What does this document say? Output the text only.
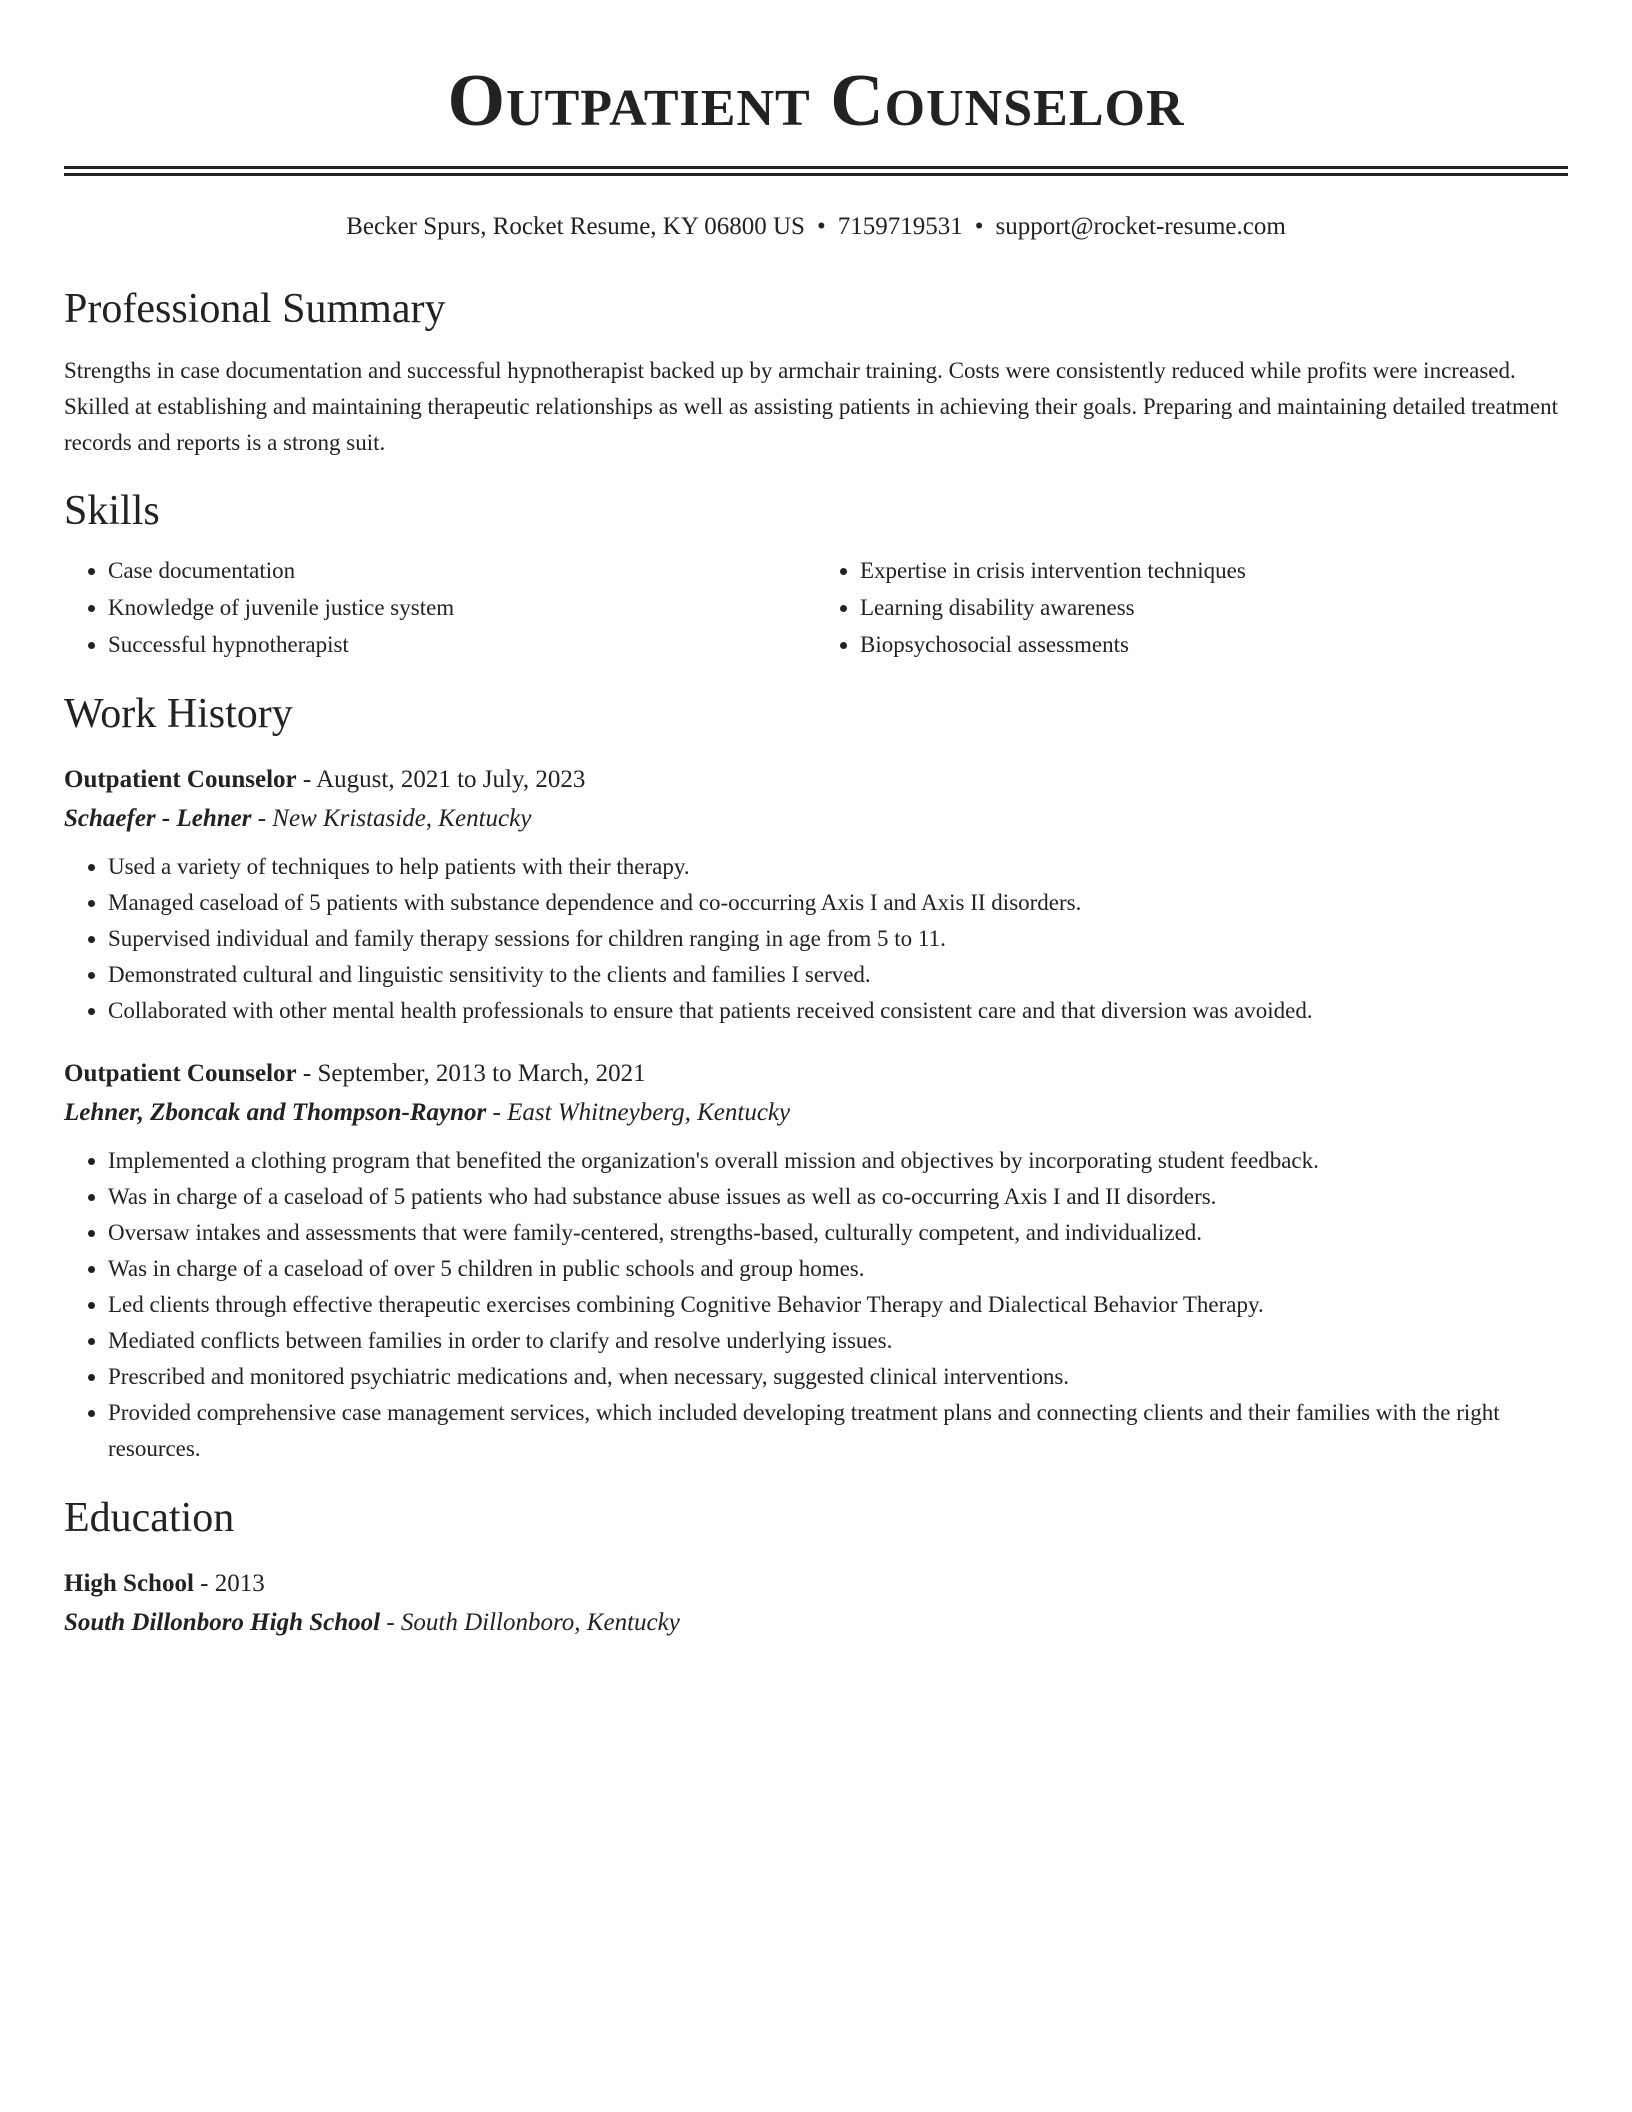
Outpatient Counselor
Becker Spurs, Rocket Resume, KY 06800 US • 7159719531 • support@rocket-resume.com
Professional Summary

Strengths in case documentation and successful hypnotherapist backed up by armchair training. Costs were consistently reduced while profits were increased. Skilled at establishing and maintaining therapeutic relationships as well as assisting patients in achieving their goals. Preparing and maintaining detailed treatment records and reports is a strong suit.

Skills
• Case documentation
• Knowledge of juvenile justice system
• Successful hypnotherapist
• Expertise in crisis intervention techniques
• Learning disability awareness
• Biopsychosocial assessments
Work History
Outpatient Counselor - August, 2021 to July, 2023
Schaefer - Lehner - New Kristaside, Kentucky
• Used a variety of techniques to help patients with their therapy.
• Managed caseload of 5 patients with substance dependence and co-occurring Axis I and Axis II disorders.
• Supervised individual and family therapy sessions for children ranging in age from 5 to 11.
• Demonstrated cultural and linguistic sensitivity to the clients and families I served.
• Collaborated with other mental health professionals to ensure that patients received consistent care and that diversion was avoided.
Outpatient Counselor - September, 2013 to March, 2021
Lehner, Zboncak and Thompson-Raynor - East Whitneyberg, Kentucky
• Implemented a clothing program that benefited the organization's overall mission and objectives by incorporating student feedback.
• Was in charge of a caseload of 5 patients who had substance abuse issues as well as co-occurring Axis I and II disorders.
• Oversaw intakes and assessments that were family-centered, strengths-based, culturally competent, and individualized.
• Was in charge of a caseload of over 5 children in public schools and group homes.
• Led clients through effective therapeutic exercises combining Cognitive Behavior Therapy and Dialectical Behavior Therapy.
• Mediated conflicts between families in order to clarify and resolve underlying issues.
• Prescribed and monitored psychiatric medications and, when necessary, suggested clinical interventions.
• Provided comprehensive case management services, which included developing treatment plans and connecting clients and their families with the right resources.
Education
High School - 2013
South Dillonboro High School - South Dillonboro, Kentucky
